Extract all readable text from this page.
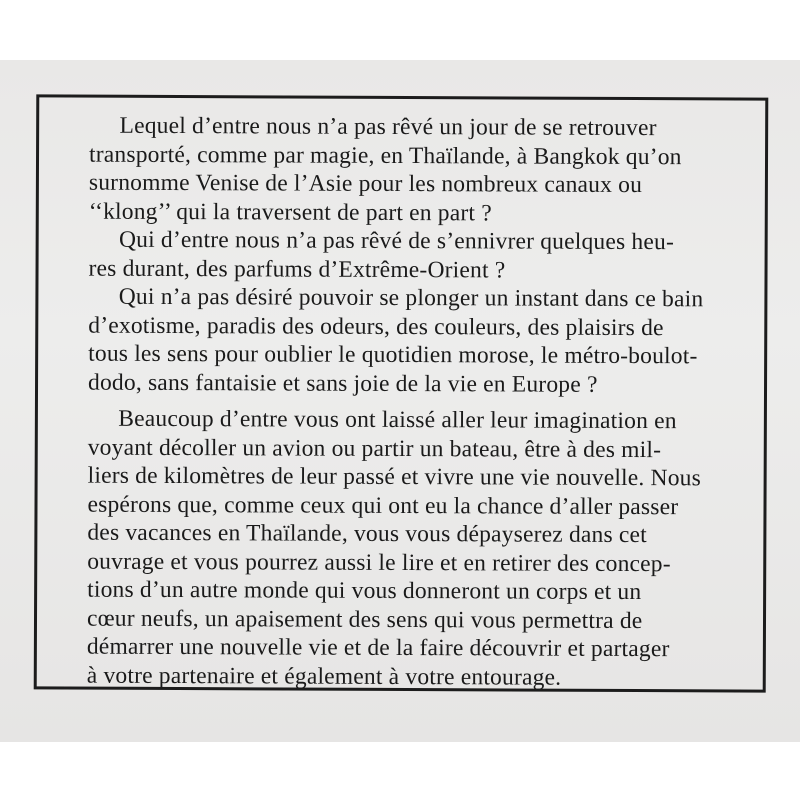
Lequel d’entre nous n’a pas rêvé un jour de se retrouver
transporté, comme par magie, en Thaïlande, à Bangkok qu’on
surnomme Venise de l’Asie pour les nombreux canaux ou
‘‘klong’’ qui la traversent de part en part ?
Qui d’entre nous n’a pas rêvé de s’ennivrer quelques heu-
res durant, des parfums d’Extrême-Orient ?
Qui n’a pas désiré pouvoir se plonger un instant dans ce bain
d’exotisme, paradis des odeurs, des couleurs, des plaisirs de
tous les sens pour oublier le quotidien morose, le métro-boulot-
dodo, sans fantaisie et sans joie de la vie en Europe ?
Beaucoup d’entre vous ont laissé aller leur imagination en
voyant décoller un avion ou partir un bateau, être à des mil-
liers de kilomètres de leur passé et vivre une vie nouvelle. Nous
espérons que, comme ceux qui ont eu la chance d’aller passer
des vacances en Thaïlande, vous vous dépayserez dans cet
ouvrage et vous pourrez aussi le lire et en retirer des concep-
tions d’un autre monde qui vous donneront un corps et un
cœur neufs, un apaisement des sens qui vous permettra de
démarrer une nouvelle vie et de la faire découvrir et partager
à votre partenaire et également à votre entourage.
